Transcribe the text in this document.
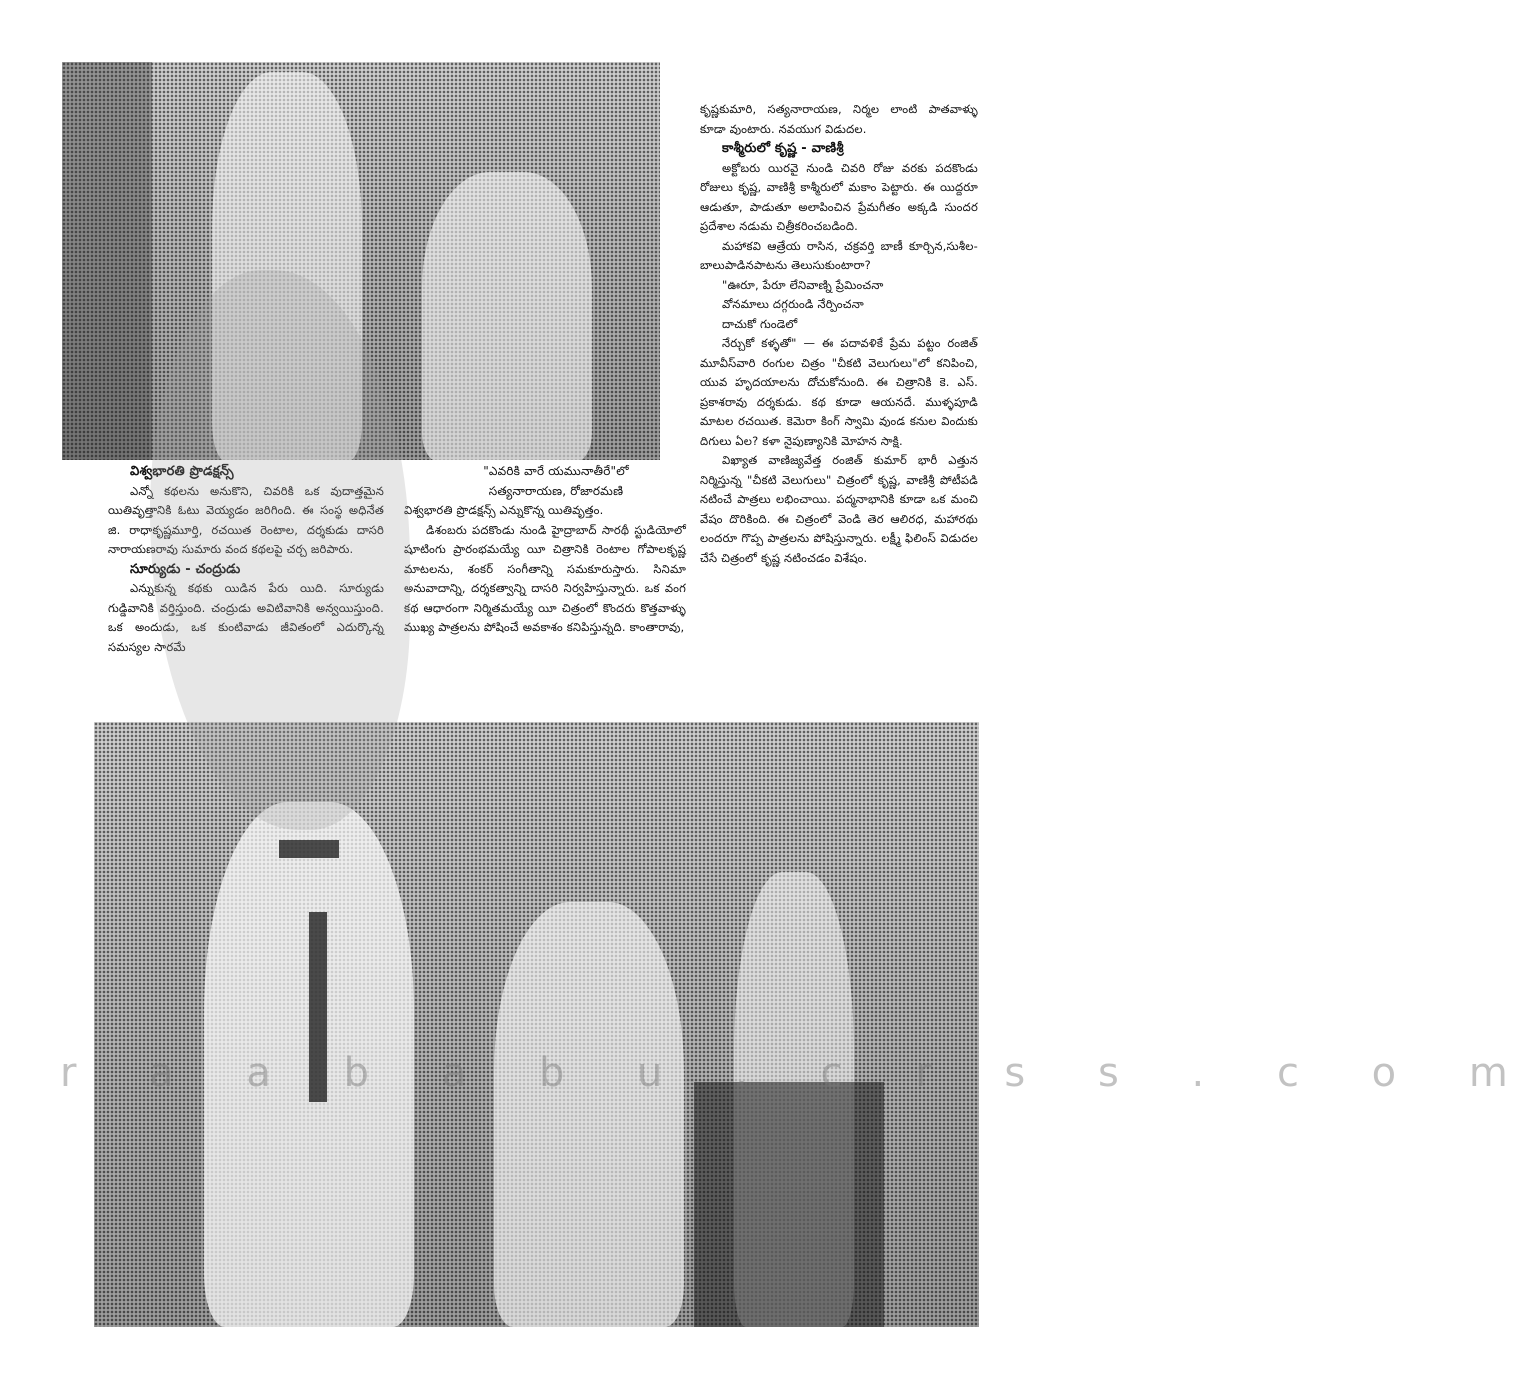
కృష్ణకుమారి, సత్యనారాయణ, నిర్మల లాంటి పాతవాళ్ళు కూడా వుంటారు. నవయుగ విడుదల.

కాశ్మీరులో కృష్ణ - వాణిశ్రీ

అక్టోబరు యిరవై నుండి చివరి రోజు వరకు పదకొండు రోజులు కృష్ణ, వాణిశ్రీ కాశ్మీరులో మకాం పెట్టారు. ఈ యిద్దరూ ఆడుతూ, పాడుతూ అలాపించిన ప్రేమగీతం అక్కడి సుందర ప్రదేశాల నడుమ చిత్రీకరించబడింది.

మహాకవి ఆత్రేయ రాసిన, చక్రవర్తి బాణీ కూర్చిన,సుశీల-బాలుపాడినపాటను తెలుసుకుంటారా?

"ఊరూ, పేరూ లేనివాణ్ని ప్రేమించనా

వోనమాలు దగ్గరుండి నేర్పించనా

దాచుకో గుండెలో

నేర్చుకో కళ్ళతో" — ఈ పదావళికే ప్రేమ పట్టం రంజిత్ మూవీస్‌వారి రంగుల చిత్రం "చీకటి వెలుగులు"లో కనిపించి, యువ హృదయాలను దోచుకోనుంది. ఈ చిత్రానికి కె. ఎస్. ప్రకాశరావు దర్శకుడు. కథ కూడా ఆయనదే. ముళ్ళపూడి మాటల రచయిత. కెమెరా కింగ్ స్వామి వుండ కనుల విందుకు దిగులు ఏల? కళా నైపుణ్యానికి మోహన సాక్షి.

విఖ్యాత వాణిజ్యవేత్త రంజిత్ కుమార్ భారీ ఎత్తున నిర్మిస్తున్న "చీకటి వెలుగులు" చిత్రంలో కృష్ణ, వాణిశ్రీ పోటీపడి నటించే పాత్రలు లభించాయి. పద్మనాభానికి కూడా ఒక మంచి వేషం దొరికింది. ఈ చిత్రంలో వెండి తెర ఆలిరధ, మహారథు లందరూ గొప్ప పాత్రలను పోషిస్తున్నారు. లక్ష్మీ ఫిలింస్ విడుదల చేసే చిత్రంలో కృష్ణ నటించడం విశేషం.

విశ్వభారతి ప్రొడక్షన్స్

ఎన్నో కథలను అనుకొని, చివరికి ఒక వుదాత్తమైన యితివృత్తానికి ఓటు వెయ్యడం జరిగింది. ఈ సంస్థ అధినేత జి. రాధాకృష్ణమూర్తి, రచయిత రెంటాల, దర్శకుడు దాసరి నారాయణరావు సుమారు వంద కథలపై చర్చ జరిపారు.

సూర్యుడు - చంద్రుడు

ఎన్నుకున్న కథకు యిడిన పేరు యిది. సూర్యుడు గుడ్డివానికి వర్తిస్తుంది. చంద్రుడు అవిటివానికి అన్వయిస్తుంది. ఒక అందుడు, ఒక కుంటివాడు జీవితంలో ఎదుర్కొన్న సమస్యల సారమే

"ఎవరికి వారే యమునాతీరే"లో

సత్యనారాయణ, రోజారమణి

విశ్వభారతి ప్రొడక్షన్స్ ఎన్నుకొన్న యితివృత్తం.

డిశంబరు పదకొండు నుండి హైద్రాబాద్ సారథీ స్టుడియోలో షూటింగు ప్రారంభమయ్యే యీ చిత్రానికి రెంటాల గోపాలకృష్ణ మాటలను, శంకర్ సంగీతాన్ని సమకూరుస్తారు. సినిమా అనువాదాన్ని, దర్శకత్వాన్ని దాసరి నిర్వహిస్తున్నారు. ఒక వంగ కథ ఆధారంగా నిర్మితమయ్యే యీ చిత్రంలో కొందరు కొత్తవాళ్ళు ముఖ్య పాత్రలను పోషించే అవకాశం కనిపిస్తున్నది. కాంతారావు,

r a a b a b u . c r s s . c o m
